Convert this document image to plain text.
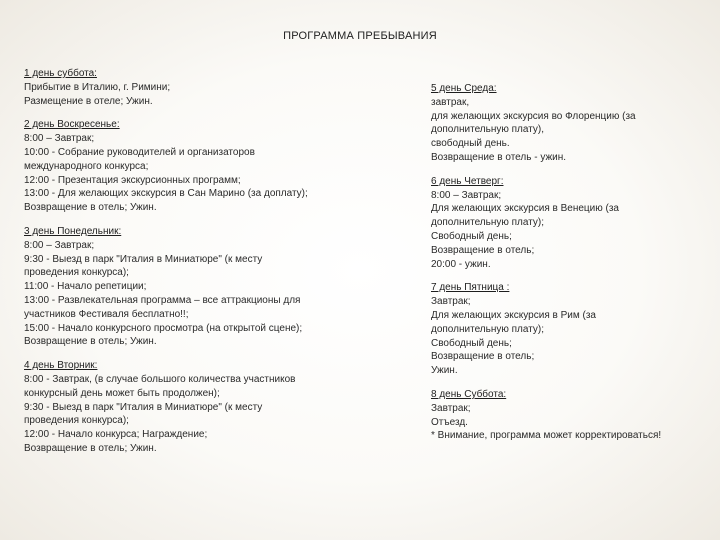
ПРОГРАММА ПРЕБЫВАНИЯ
1 день суббота:
Прибытие в Италию, г. Римини;
Размещение в отеле; Ужин.
2 день Воскресенье:
8:00 – Завтрак;
10:00 - Собрание руководителей и организаторов
международного конкурса;
12:00 - Презентация экскурсионных программ;
13:00 - Для желающих экскурсия в Сан Марино (за доплату);
Возвращение в отель; Ужин.
3 день Понедельник:
8:00 – Завтрак;
9:30 - Выезд в парк "Италия в Миниатюре" (к месту
проведения конкурса);
11:00 - Начало репетиции;
13:00 - Развлекательная программа – все аттракционы для
участников Фестиваля бесплатно!!;
15:00 - Начало конкурсного просмотра (на открытой сцене);
Возвращение в отель; Ужин.
4 день Вторник:
8:00 - Завтрак, (в случае большого количества участников
конкурсный день может быть продолжен);
9:30 - Выезд в парк "Италия в Миниатюре" (к месту
проведения конкурса);
12:00 - Начало конкурса; Награждение;
Возвращение в отель; Ужин.
5 день Среда:
завтрак,
для желающих экскурсия во Флоренцию (за
дополнительную плату),
свободный день.
Возвращение в отель - ужин.
6 день Четверг:
8:00 – Завтрак;
Для желающих экскурсия в Венецию (за
дополнительную плату);
Свободный день;
Возвращение в отель;
20:00 - ужин.
7 день Пятница :
Завтрак;
Для желающих экскурсия в Рим (за
дополнительную плату);
Свободный день;
Возвращение в отель;
Ужин.
8 день Суббота:
Завтрак;
Отъезд.
* Внимание, программа может корректироваться!
